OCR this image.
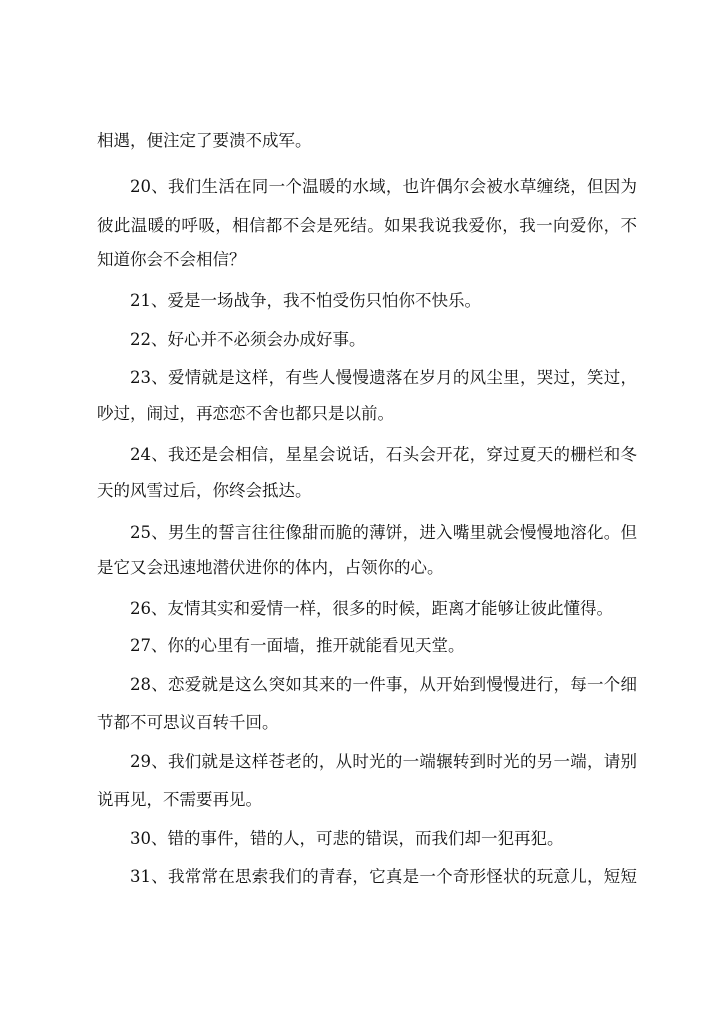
相遇，便注定了要溃不成军。
20、我们生活在同一个温暖的水域，也许偶尔会被水草缠绕，但因为
彼此温暖的呼吸，相信都不会是死结。如果我说我爱你，我一向爱你，不
知道你会不会相信？
21、爱是一场战争，我不怕受伤只怕你不快乐。
22、好心并不必须会办成好事。
23、爱情就是这样，有些人慢慢遗落在岁月的风尘里，哭过，笑过，
吵过，闹过，再恋恋不舍也都只是以前。
24、我还是会相信，星星会说话，石头会开花，穿过夏天的栅栏和冬
天的风雪过后，你终会抵达。
25、男生的誓言往往像甜而脆的薄饼，进入嘴里就会慢慢地溶化。但
是它又会迅速地潜伏进你的体内，占领你的心。
26、友情其实和爱情一样，很多的时候，距离才能够让彼此懂得。
27、你的心里有一面墙，推开就能看见天堂。
28、恋爱就是这么突如其来的一件事，从开始到慢慢进行，每一个细
节都不可思议百转千回。
29、我们就是这样苍老的，从时光的一端辗转到时光的另一端，请别
说再见，不需要再见。
30、错的事件，错的人，可悲的错误，而我们却一犯再犯。
31、我常常在思索我们的青春，它真是一个奇形怪状的玩意儿，短短
